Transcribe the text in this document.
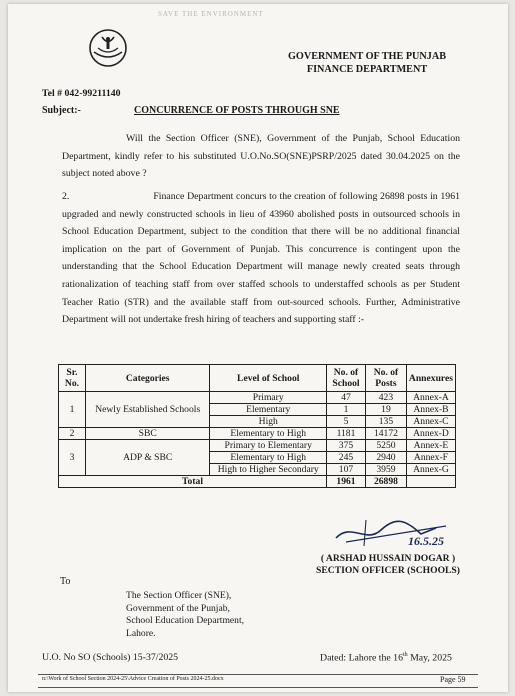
SAVE THE ENVIRONMENT
GOVERNMENT OF THE PUNJAB
FINANCE DEPARTMENT
Tel # 042-99211140
Subject:-	CONCURRENCE OF POSTS THROUGH SNE
Will the Section Officer (SNE), Government of the Punjab, School Education Department, kindly refer to his substituted U.O.No.SO(SNE)PSRP/2025 dated 30.04.2025 on the subject noted above ?
2.	Finance Department concurs to the creation of following 26898 posts in 1961 upgraded and newly constructed schools in lieu of 43960 abolished posts in outsourced schools in School Education Department, subject to the condition that there will be no additional financial implication on the part of Government of Punjab. This concurrence is contingent upon the understanding that the School Education Department will manage newly created seats through rationalization of teaching staff from over staffed schools to understaffed schools as per Student Teacher Ratio (STR) and the available staff from out-sourced schools. Further, Administrative Department will not undertake fresh hiring of teachers and supporting staff :-
Sr. No.	Categories	Level of School	No. of School	No. of Posts	Annexures
1	Newly Established Schools	Primary	47	423	Annex-A
		Elementary	1	19	Annex-B
		High	5	135	Annex-C
2	SBC	Elementary to High	1181	14172	Annex-D
3	ADP & SBC	Primary to Elementary	375	5250	Annex-E
		Elementary to High	245	2940	Annex-F
		High to Higher Secondary	107	3959	Annex-G
Total			1961	26898	
16.5.25
( ARSHAD HUSSAIN DOGAR )
SECTION OFFICER (SCHOOLS)
To
The Section Officer (SNE),
Government of the Punjab,
School Education Department,
Lahore.
U.O. No SO (Schools) 15-37/2025	Dated: Lahore the 16th May, 2025
n:\Work of School Section 2024-25\Advice Creation of Posts 2024-25.docx	Page 59
